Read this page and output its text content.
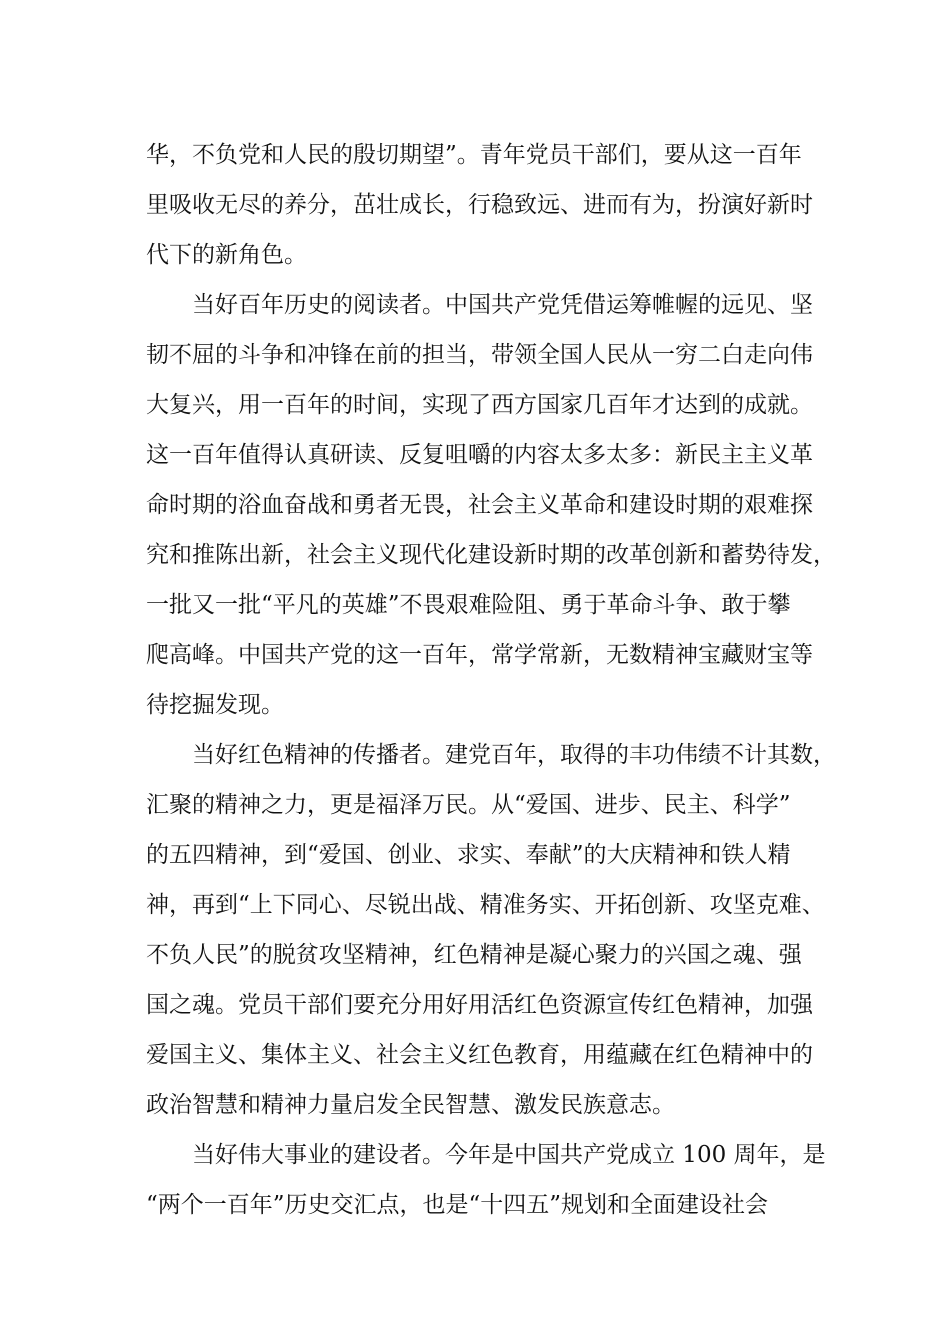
华，不负党和人民的殷切期望”。青年党员干部们，要从这一百年
里吸收无尽的养分，茁壮成长，行稳致远、进而有为，扮演好新时
代下的新角色。
当好百年历史的阅读者。中国共产党凭借运筹帷幄的远见、坚
韧不屈的斗争和冲锋在前的担当，带领全国人民从一穷二白走向伟
大复兴，用一百年的时间，实现了西方国家几百年才达到的成就。
这一百年值得认真研读、反复咀嚼的内容太多太多：新民主主义革
命时期的浴血奋战和勇者无畏，社会主义革命和建设时期的艰难探
究和推陈出新，社会主义现代化建设新时期的改革创新和蓄势待发，
一批又一批“平凡的英雄”不畏艰难险阻、勇于革命斗争、敢于攀
爬高峰。中国共产党的这一百年，常学常新，无数精神宝藏财宝等
待挖掘发现。
当好红色精神的传播者。建党百年，取得的丰功伟绩不计其数，
汇聚的精神之力，更是福泽万民。从“爱国、进步、民主、科学”
的五四精神，到“爱国、创业、求实、奉献”的大庆精神和铁人精
神，再到“上下同心、尽锐出战、精准务实、开拓创新、攻坚克难、
不负人民”的脱贫攻坚精神，红色精神是凝心聚力的兴国之魂、强
国之魂。党员干部们要充分用好用活红色资源宣传红色精神，加强
爱国主义、集体主义、社会主义红色教育，用蕴藏在红色精神中的
政治智慧和精神力量启发全民智慧、激发民族意志。
当好伟大事业的建设者。今年是中国共产党成立 100 周年，是
“两个一百年”历史交汇点，也是“十四五”规划和全面建设社会
